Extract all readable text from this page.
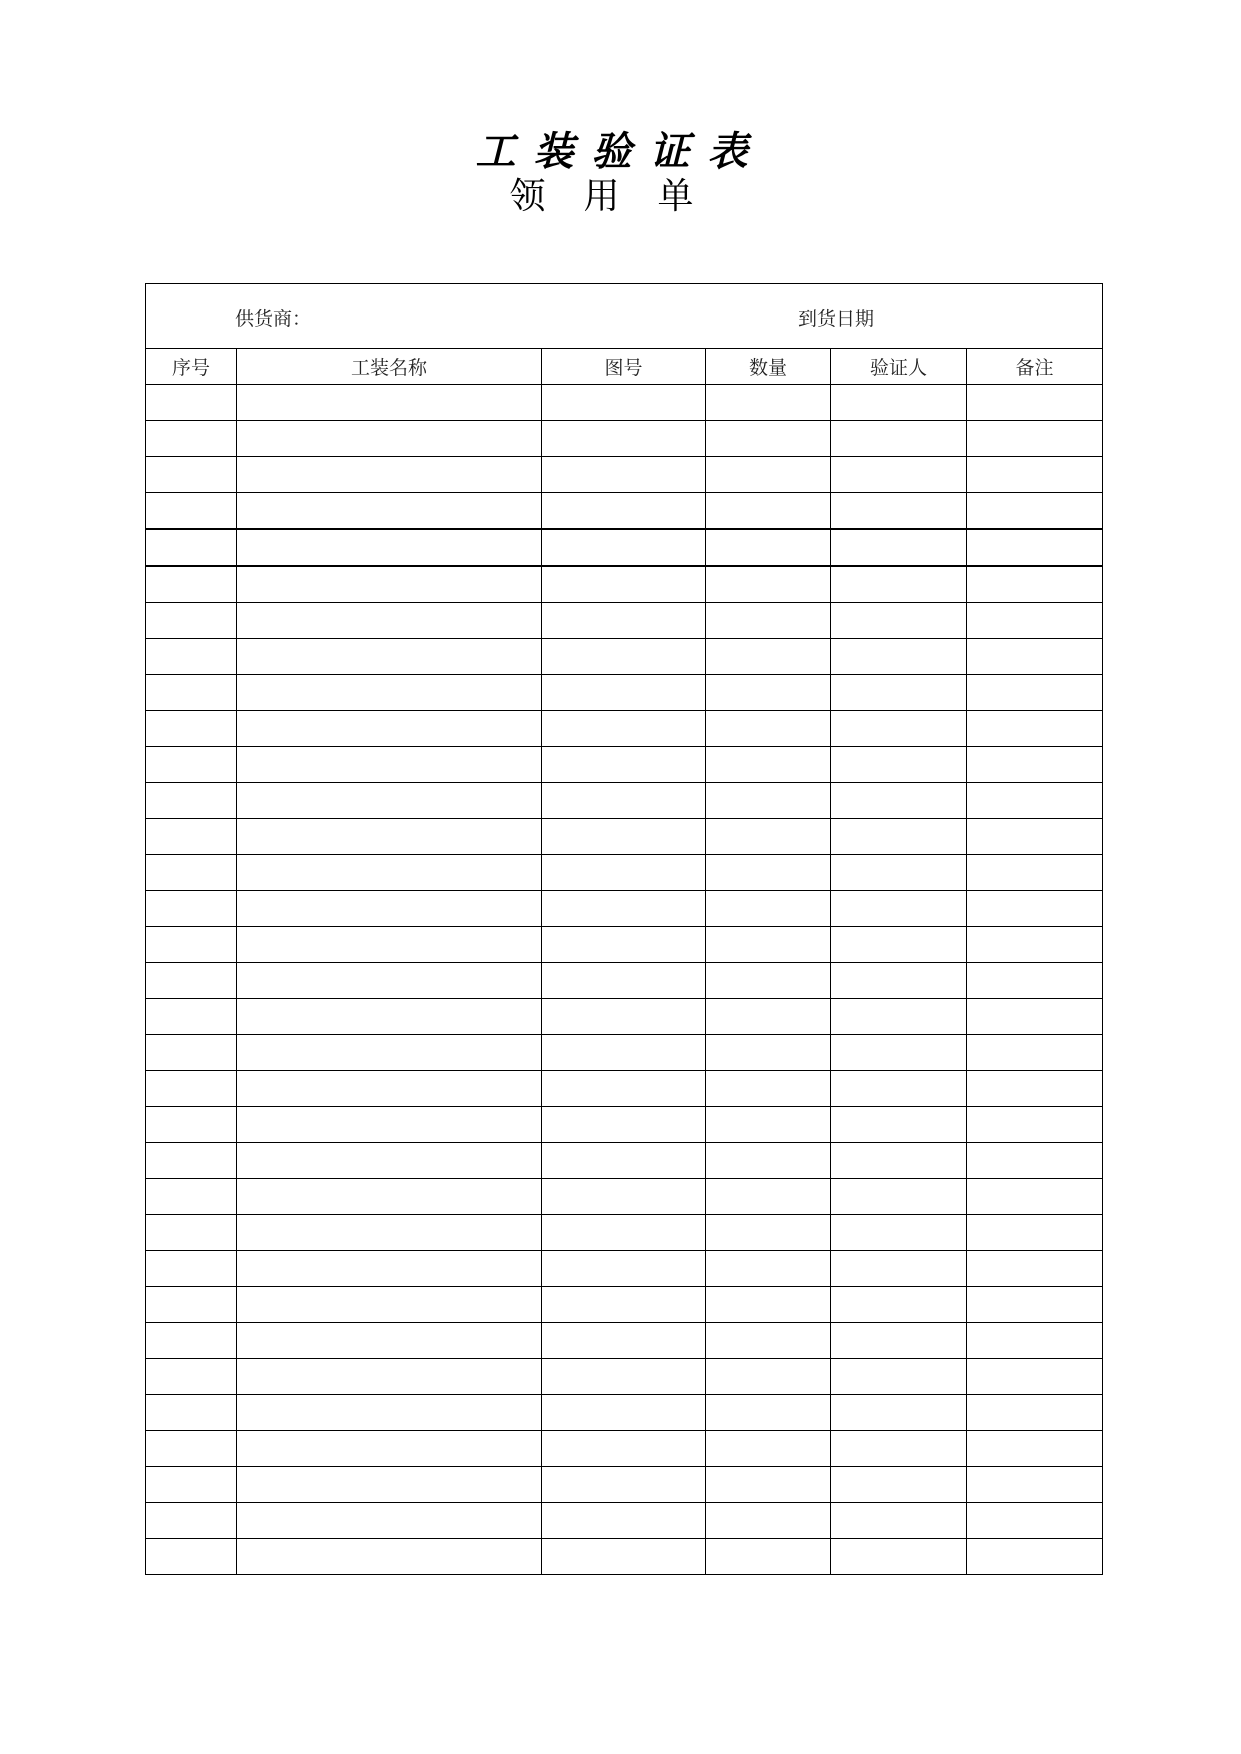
工装验证表
领用单
供货商： 到货日期					

序号	工装名称	图号	数量	验证人	备注
